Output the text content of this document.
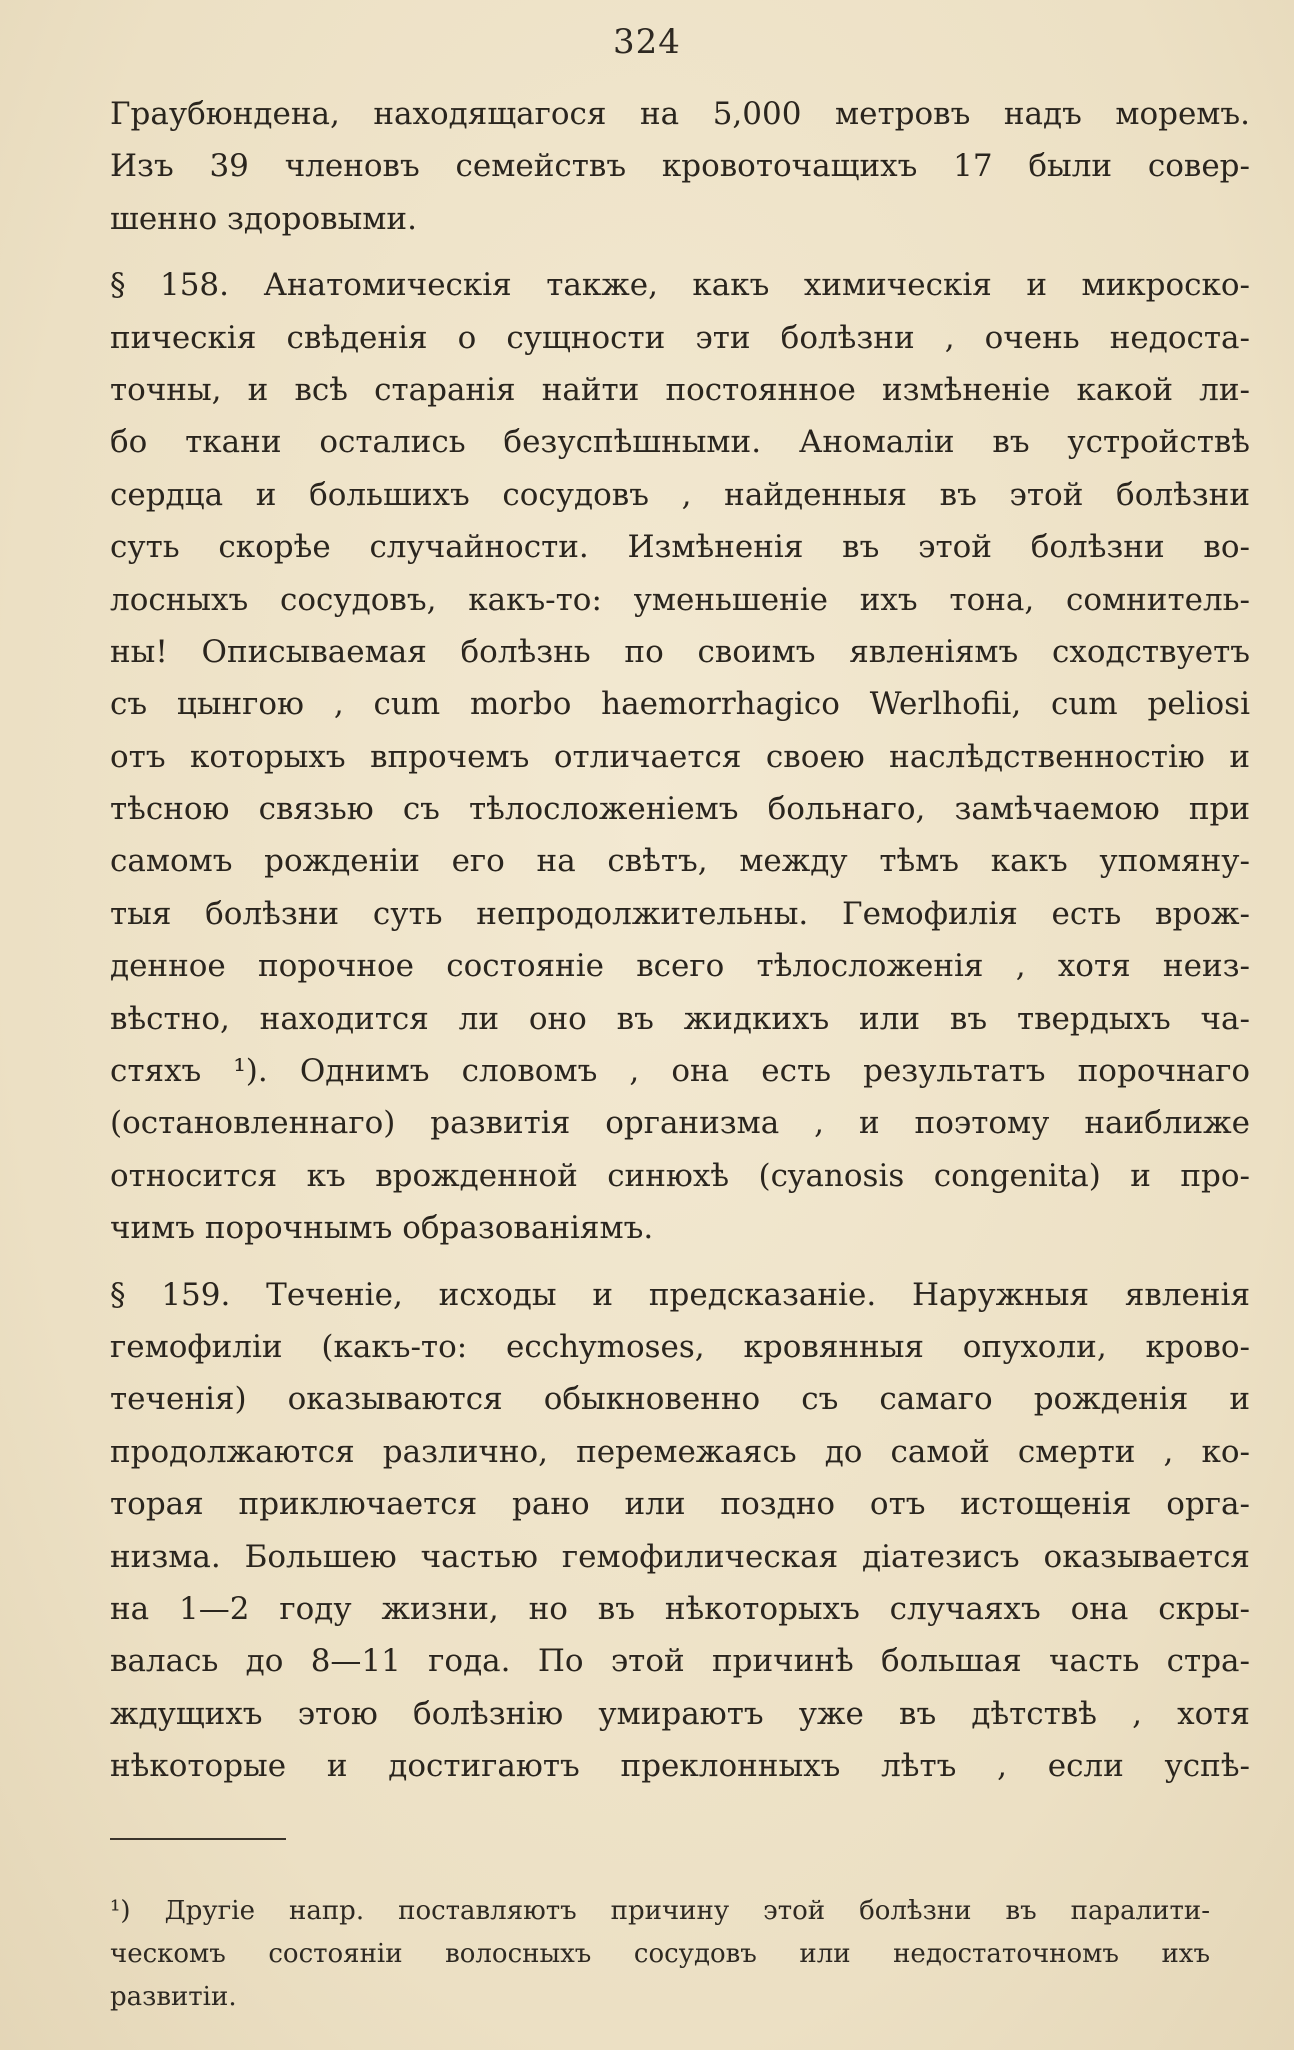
324
Граубюндена, находящагося на 5,000 метровъ надъ моремъ.
Изъ 39 членовъ семействъ кровоточащихъ 17 были совер-
шенно здоровыми.
§ 158. Анатомическія также, какъ химическія и микроско-
пическія свѣденія о сущности эти болѣзни , очень недоста-
точны, и всѣ старанія найти постоянное измѣненіе какой ли-
бо ткани остались безуспѣшными. Аномаліи въ устройствѣ
сердца и большихъ сосудовъ , найденныя въ этой болѣзни
суть скорѣе случайности. Измѣненія въ этой болѣзни во-
лосныхъ сосудовъ, какъ-то: уменьшеніе ихъ тона, сомнитель-
ны! Описываемая болѣзнь по своимъ явленіямъ сходствуетъ
съ цынгою , cum morbo haemorrhagico Werlhofii, cum peliosi
отъ которыхъ впрочемъ отличается своею наслѣдственностію и
тѣсною связью съ тѣлосложеніемъ больнаго, замѣчаемою при
самомъ рожденіи его на свѣтъ, между тѣмъ какъ упомяну-
тыя болѣзни суть непродолжительны. Гемофилія есть врож-
денное порочное состояніе всего тѣлосложенія , хотя неиз-
вѣстно, находится ли оно въ жидкихъ или въ твердыхъ ча-
стяхъ ¹). Однимъ словомъ , она есть результатъ порочнаго
(остановленнаго) развитія организма , и поэтому наиближе
относится къ врожденной синюхѣ (cyanosis congenita) и про-
чимъ порочнымъ образованіямъ.
§ 159. Теченіе, исходы и предсказаніе. Наружныя явленія
гемофиліи (какъ-то: ecchymoses, кровянныя опухоли, крово-
теченія) оказываются обыкновенно съ самаго рожденія и
продолжаются различно, перемежаясь до самой смерти , ко-
торая приключается рано или поздно отъ истощенія орга-
низма. Большею частью гемофилическая діатезисъ оказывается
на 1—2 году жизни, но въ нѣкоторыхъ случаяхъ она скры-
валась до 8—11 года. По этой причинѣ большая часть стра-
ждущихъ этою болѣзнію умираютъ уже въ дѣтствѣ , хотя
нѣкоторые и достигаютъ преклонныхъ лѣтъ , если успѣ-
¹) Другіе напр. поставляютъ причину этой болѣзни въ паралити-
ческомъ состояніи волосныхъ сосудовъ или недостаточномъ ихъ
развитіи.
